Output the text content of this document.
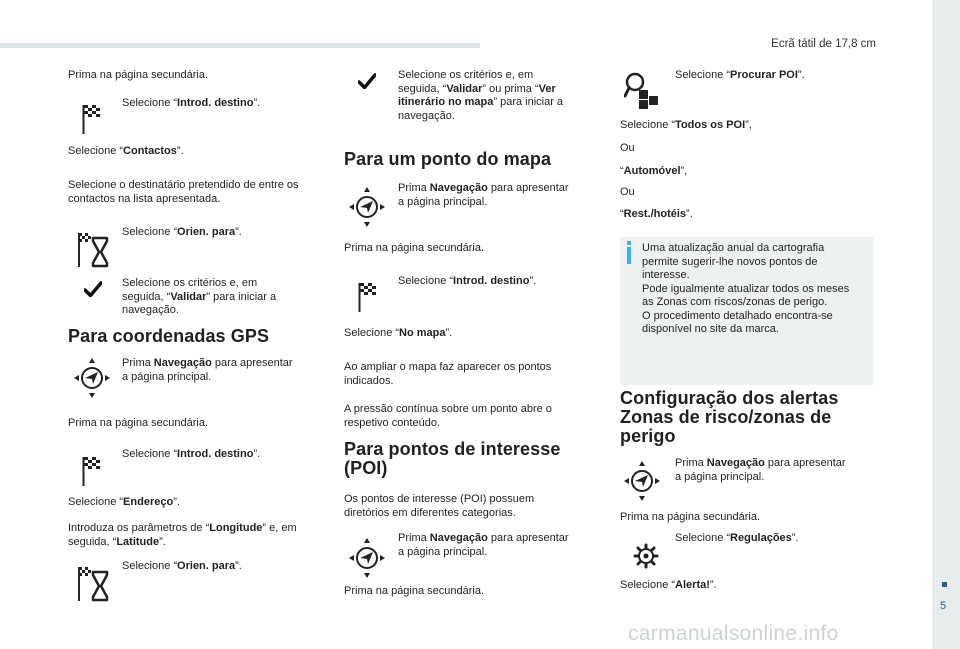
Ecrã tátil de 17,8 cm
5
carmanualsonline.info
Prima na página secundária.
Selecione “Introd. destino”.
Selecione “Contactos”.
Selecione o destinatário pretendido de entre os
contactos na lista apresentada.
Selecione “Orien. para”.
Selecione os critérios e, em
seguida, “Validar” para iniciar a
navegação.
Para coordenadas GPS
Prima Navegação para apresentar
a página principal.
Prima na página secundária.
Selecione “Introd. destino”.
Selecione “Endereço”.
Introduza os parâmetros de “Longitude” e, em
seguida, “Latitude”.
Selecione “Orien. para”.
Selecione os critérios e, em
seguida, “Validar” ou prima “Ver
itinerário no mapa” para iniciar a
navegação.
Para um ponto do mapa
Prima Navegação para apresentar
a página principal.
Prima na página secundária.
Selecione “Introd. destino”.
Selecione “No mapa”.
Ao ampliar o mapa faz aparecer os pontos
indicados.
A pressão contínua sobre um ponto abre o
respetivo conteúdo.
Para pontos de interesse
(POI)
Os pontos de interesse (POI) possuem
diretórios em diferentes categorias.
Prima Navegação para apresentar
a página principal.
Prima na página secundária.
Selecione “Procurar POI”.
Selecione “Todos os POI”,
Ou
“Automóvel”,
Ou
“Rest./hotéis”.
Uma atualização anual da cartografia
permite sugerir-lhe novos pontos de
interesse.
Pode igualmente atualizar todos os meses
as Zonas com riscos/zonas de perigo.
O procedimento detalhado encontra-se
disponível no site da marca.
Configuração dos alertas
Zonas de risco/zonas de
perigo
Prima Navegação para apresentar
a página principal.
Prima na página secundária.
Selecione “Regulações”.
Selecione “Alerta!”.
